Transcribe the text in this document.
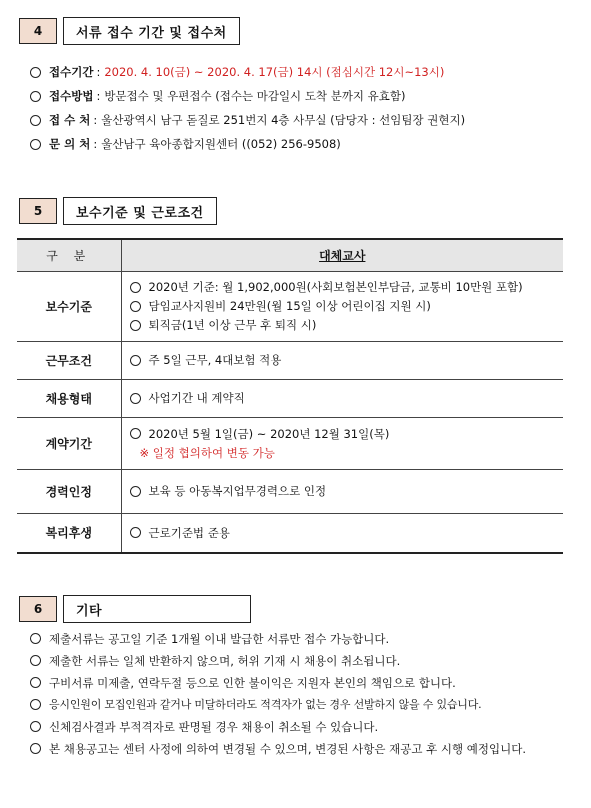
4	서류 접수 기간 및 접수처
접수기간 : 2020. 4. 10(금) ~ 2020. 4. 17(금) 14시 (점심시간 12시~13시)
접수방법 : 방문접수 및 우편접수 (접수는 마감일시 도착 분까지 유효함)
접 수 처 : 울산광역시 남구 돋질로 251번지 4층 사무실 (담당자 : 선임팀장 권현지)
문 의 처 : 울산남구 육아종합지원센터 ((052) 256-9508)
5	보수기준 및 근로조건
구 분	대체교사
보수기준	2020년 기준: 월 1,902,000원(사회보험본인부담금, 교통비 10만원 포함)
담임교사지원비 24만원(월 15일 이상 어린이집 지원 시)
퇴직금(1년 이상 근무 후 퇴직 시)

근무조건	주 5일 근무, 4대보험 적용

채용형태	사업기간 내 계약직

계약기간	2020년 5월 1일(금) ~ 2020년 12월 31일(목)
※ 일정 협의하여 변동 가능

경력인정	보육 등 아동복지업무경력으로 인정

복리후생	근로기준법 준용
6	기타
제출서류는 공고일 기준 1개월 이내 발급한 서류만 접수 가능합니다.
제출한 서류는 일체 반환하지 않으며, 허위 기재 시 채용이 취소됩니다.
구비서류 미제출, 연락두절 등으로 인한 불이익은 지원자 본인의 책임으로 합니다.
응시인원이 모집인원과 같거나 미달하더라도 적격자가 없는 경우 선발하지 않을 수 있습니다.
신체검사결과 부적격자로 판명될 경우 채용이 취소될 수 있습니다.
본 채용공고는 센터 사정에 의하여 변경될 수 있으며, 변경된 사항은 재공고 후 시행 예정입니다.
